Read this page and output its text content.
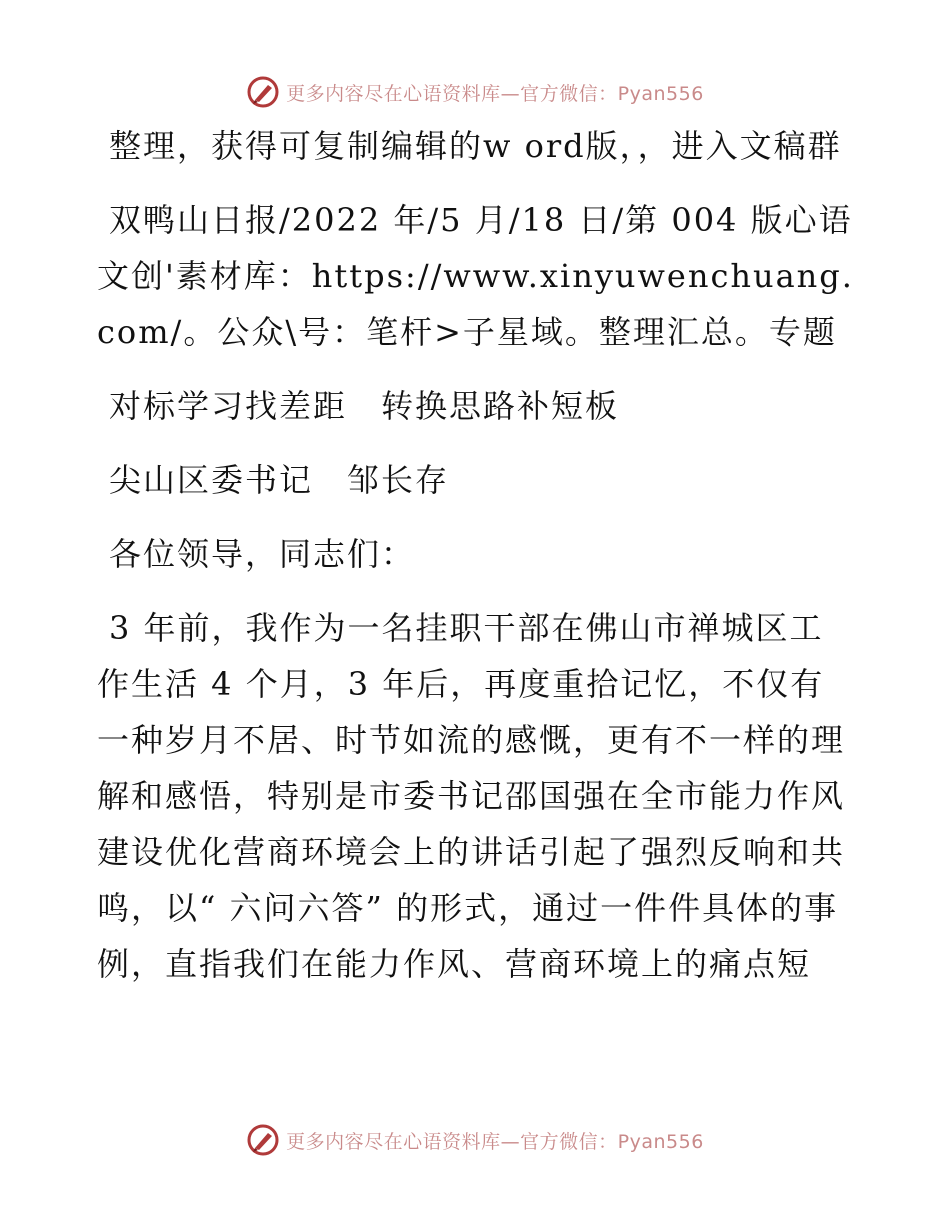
更多内容尽在心语资料库—官方微信：Pyan556

整理，获得可复制编辑的w ord版，，进入文稿群

双鸭山日报/2022 年/5 月/18 日/第 004 版心语文创'素材库：https://www.xinyuwenchuang.com/。公众\号：笔杆>子星域。整理汇总。专题

对标学习找差距　转换思路补短板

尖山区委书记　邹长存

各位领导，同志们：

3 年前，我作为一名挂职干部在佛山市禅城区工作生活 4 个月，3 年后，再度重拾记忆，不仅有一种岁月不居、时节如流的感慨，更有不一样的理解和感悟，特别是市委书记邵国强在全市能力作风建设优化营商环境会上的讲话引起了强烈反响和共鸣，以“ 六问六答” 的形式，通过一件件具体的事例，直指我们在能力作风、营商环境上的痛点短

更多内容尽在心语资料库—官方微信：Pyan556
